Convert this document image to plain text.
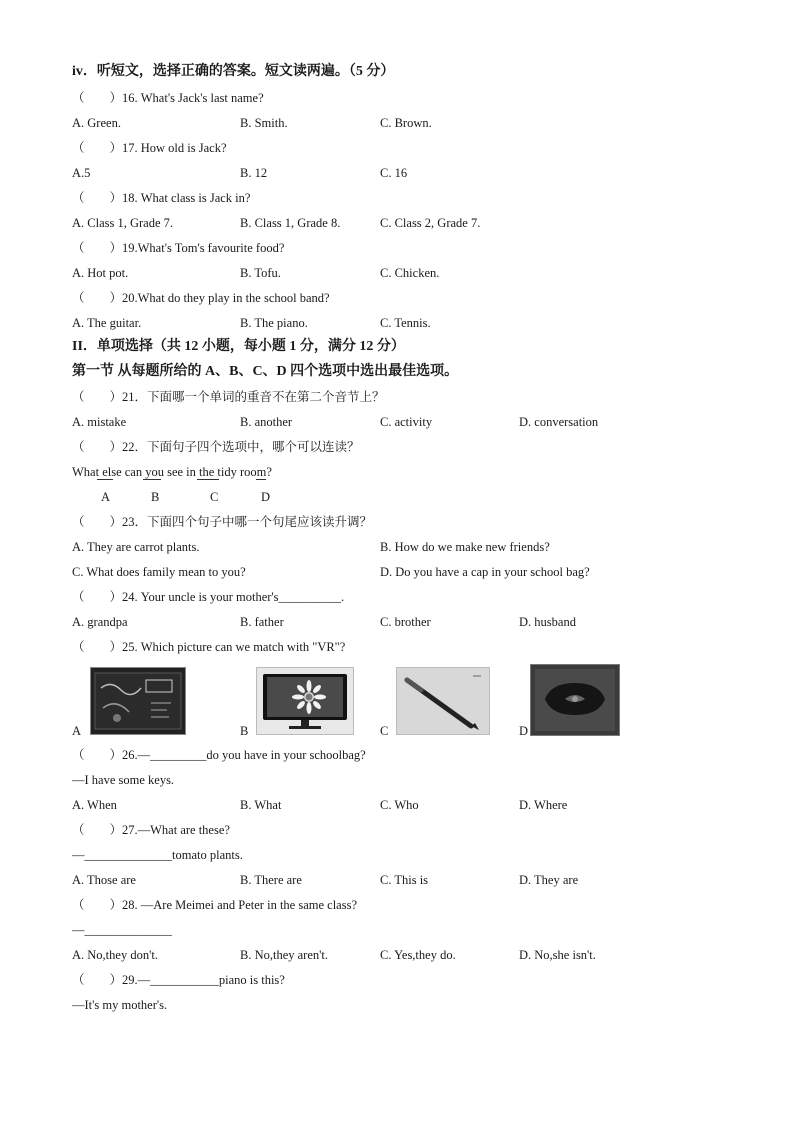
iv．听短文，选择正确的答案。短文读两遍。（5 分）
（　　）16. What's Jack's last name?
A. Green.	B. Smith.	C. Brown.
（　　）17. How old is Jack?
A.5	B. 12	C. 16
（　　）18. What class is Jack in?
A. Class 1, Grade 7.	B. Class 1, Grade 8.	C. Class 2, Grade 7.
（　　）19.What's Tom's favourite food?
A. Hot pot.	B. Tofu.	C. Chicken.
（　　）20.What do they play in the school band?
A. The guitar.	B. The piano.	C. Tennis.
II．单项选择（共 12 小题，每小题 1 分，满分 12 分）
第一节 从每题所给的 A、B、C、D 四个选项中选出最佳选项。
（　　）21．下面哪一个单词的重音不在第二个音节上？
A. mistake	B. another	C. activity	D. conversation
（　　）22．下面句子四个选项中，哪个可以连读？
What else can you see in the tidy room?
A	B	C	D
（　　）23．下面四个句子中哪一个句尾应该读升调？
A. They are carrot plants.	B. How do we make new friends?
C. What does family mean to you?	D. Do you have a cap in your school bag?
（　　）24. Your uncle is your mother's__________.
A. grandpa	B. father	C. brother	D. husband
（　　）25. Which picture can we match with "VR"?
A	B	C	D
（　　）26.—_________do you have in your schoolbag?
—I have some keys.
A. When	B. What	C. Who	D. Where
（　　）27.—What are these?
—______________tomato plants.
A. Those are	B. There are	C. This is	D. They are
（　　）28. —Are Meimei and Peter in the same class?
—______________
A. No,they don't.	B. No,they aren't.	C. Yes,they do.	D. No,she isn't.
（　　）29.—___________piano is this?
—It's my mother's.
